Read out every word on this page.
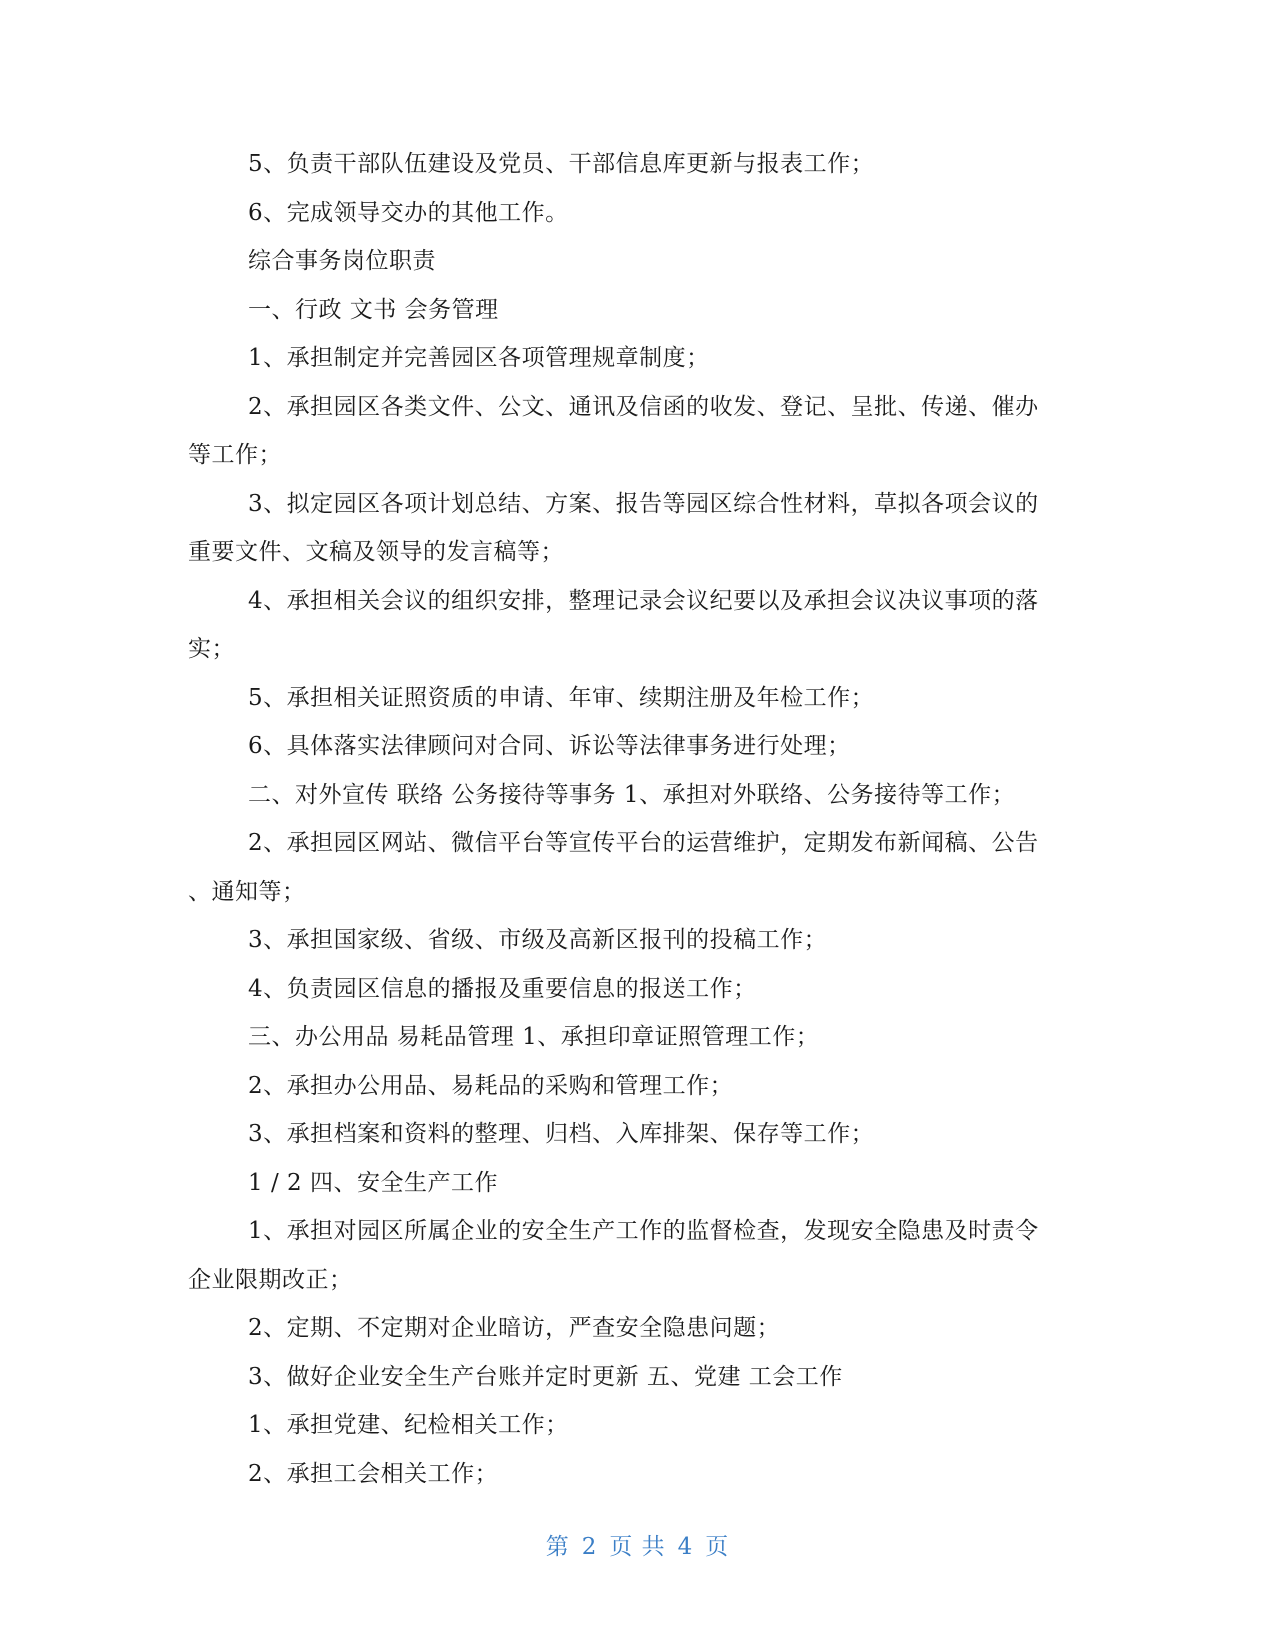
5、负责干部队伍建设及党员、干部信息库更新与报表工作；
6、完成领导交办的其他工作。
综合事务岗位职责
一、行政 文书 会务管理
1、承担制定并完善园区各项管理规章制度；
2、承担园区各类文件、公文、通讯及信函的收发、登记、呈批、传递、催办
等工作；
3、拟定园区各项计划总结、方案、报告等园区综合性材料，草拟各项会议的
重要文件、文稿及领导的发言稿等；
4、承担相关会议的组织安排，整理记录会议纪要以及承担会议决议事项的落
实；
5、承担相关证照资质的申请、年审、续期注册及年检工作；
6、具体落实法律顾问对合同、诉讼等法律事务进行处理；
二、对外宣传 联络 公务接待等事务 1、承担对外联络、公务接待等工作；
2、承担园区网站、微信平台等宣传平台的运营维护，定期发布新闻稿、公告
、通知等；
3、承担国家级、省级、市级及高新区报刊的投稿工作；
4、负责园区信息的播报及重要信息的报送工作；
三、办公用品 易耗品管理 1、承担印章证照管理工作；
2、承担办公用品、易耗品的采购和管理工作；
3、承担档案和资料的整理、归档、入库排架、保存等工作；
1 / 2 四、安全生产工作
1、承担对园区所属企业的安全生产工作的监督检查，发现安全隐患及时责令
企业限期改正；
2、定期、不定期对企业暗访，严查安全隐患问题；
3、做好企业安全生产台账并定时更新 五、党建 工会工作
1、承担党建、纪检相关工作；
2、承担工会相关工作；
第 2 页 共 4 页
